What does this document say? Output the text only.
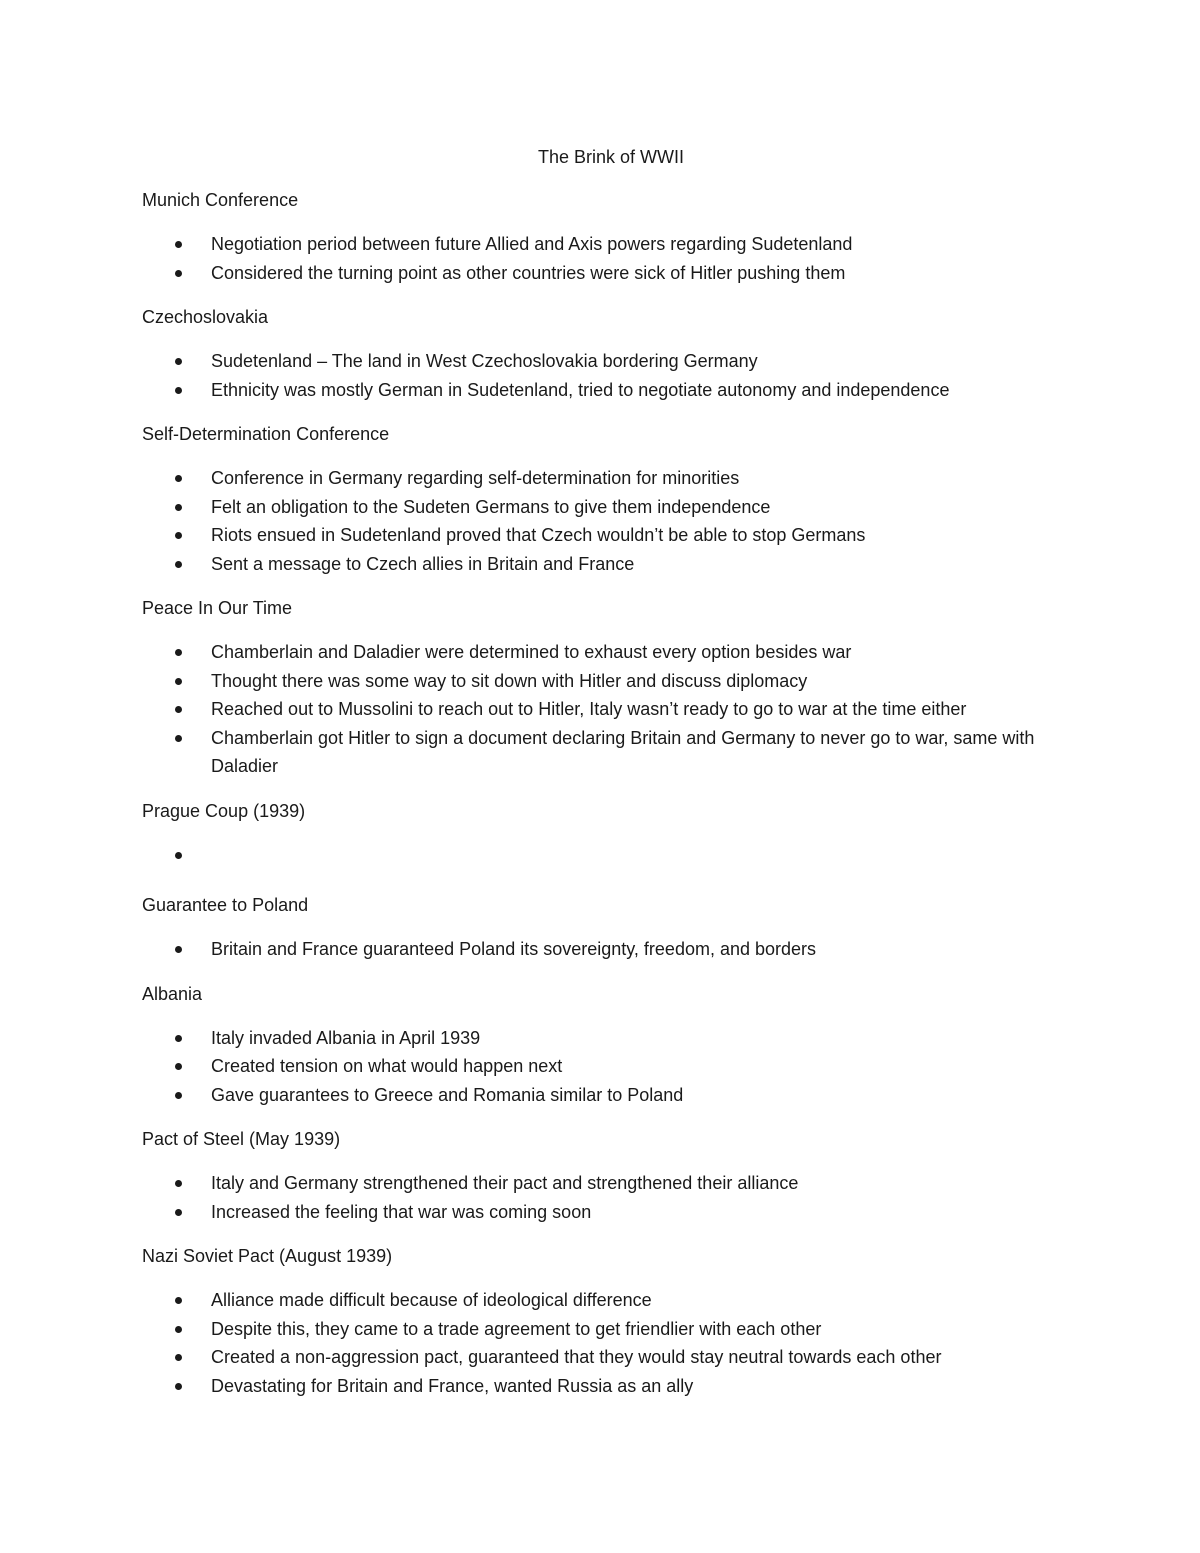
The Brink of WWII
Munich Conference
Negotiation period between future Allied and Axis powers regarding Sudetenland
Considered the turning point as other countries were sick of Hitler pushing them
Czechoslovakia
Sudetenland – The land in West Czechoslovakia bordering Germany
Ethnicity was mostly German in Sudetenland, tried to negotiate autonomy and independence
Self-Determination Conference
Conference in Germany regarding self-determination for minorities
Felt an obligation to the Sudeten Germans to give them independence
Riots ensued in Sudetenland proved that Czech wouldn’t be able to stop Germans
Sent a message to Czech allies in Britain and France
Peace In Our Time
Chamberlain and Daladier were determined to exhaust every option besides war
Thought there was some way to sit down with Hitler and discuss diplomacy
Reached out to Mussolini to reach out to Hitler, Italy wasn’t ready to go to war at the time either
Chamberlain got Hitler to sign a document declaring Britain and Germany to never go to war, same with Daladier
Prague Coup (1939)
Guarantee to Poland
Britain and France guaranteed Poland its sovereignty, freedom, and borders
Albania
Italy invaded Albania in April 1939
Created tension on what would happen next
Gave guarantees to Greece and Romania similar to Poland
Pact of Steel (May 1939)
Italy and Germany strengthened their pact and strengthened their alliance
Increased the feeling that war was coming soon
Nazi Soviet Pact (August 1939)
Alliance made difficult because of ideological difference
Despite this, they came to a trade agreement to get friendlier with each other
Created a non-aggression pact, guaranteed that they would stay neutral towards each other
Devastating for Britain and France, wanted Russia as an ally
